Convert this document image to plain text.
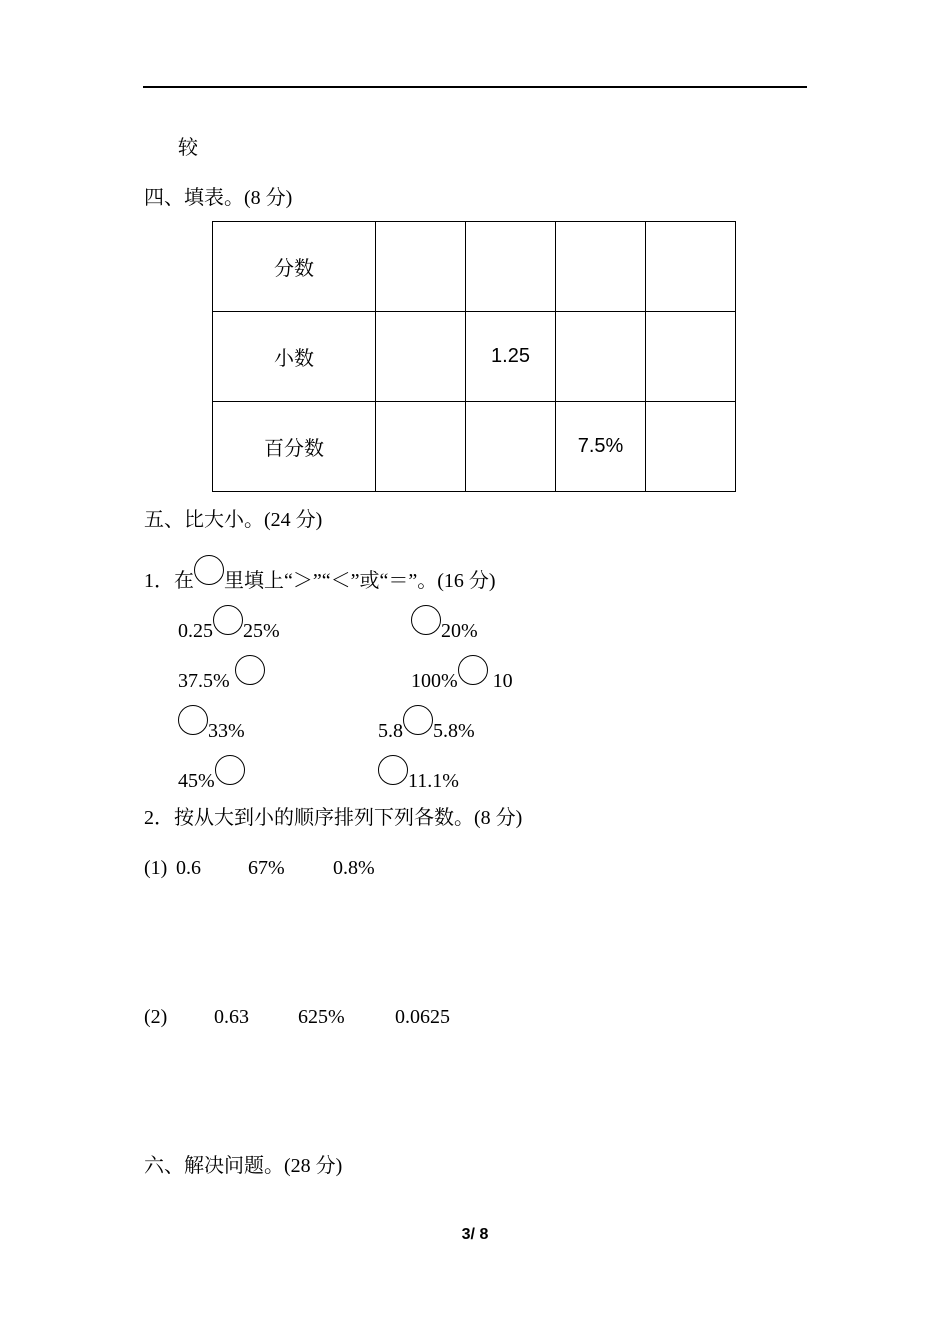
较
四、填表。(8 分)
分数				
小数		1.25		
百分数			7.5%	
五、比大小。(24 分)
1．在 里填上“＞”“＜”或“＝”。(16 分)
0.25 25%	20%
37.5%	100% 10
33%	5.8 5.8%
45%	11.1%
2．按从大到小的顺序排列下列各数。(8 分)
(1) 0.6 67% 0.8%
(2) 0.63 625%	0.0625
六、解决问题。(28 分)
3/ 8
